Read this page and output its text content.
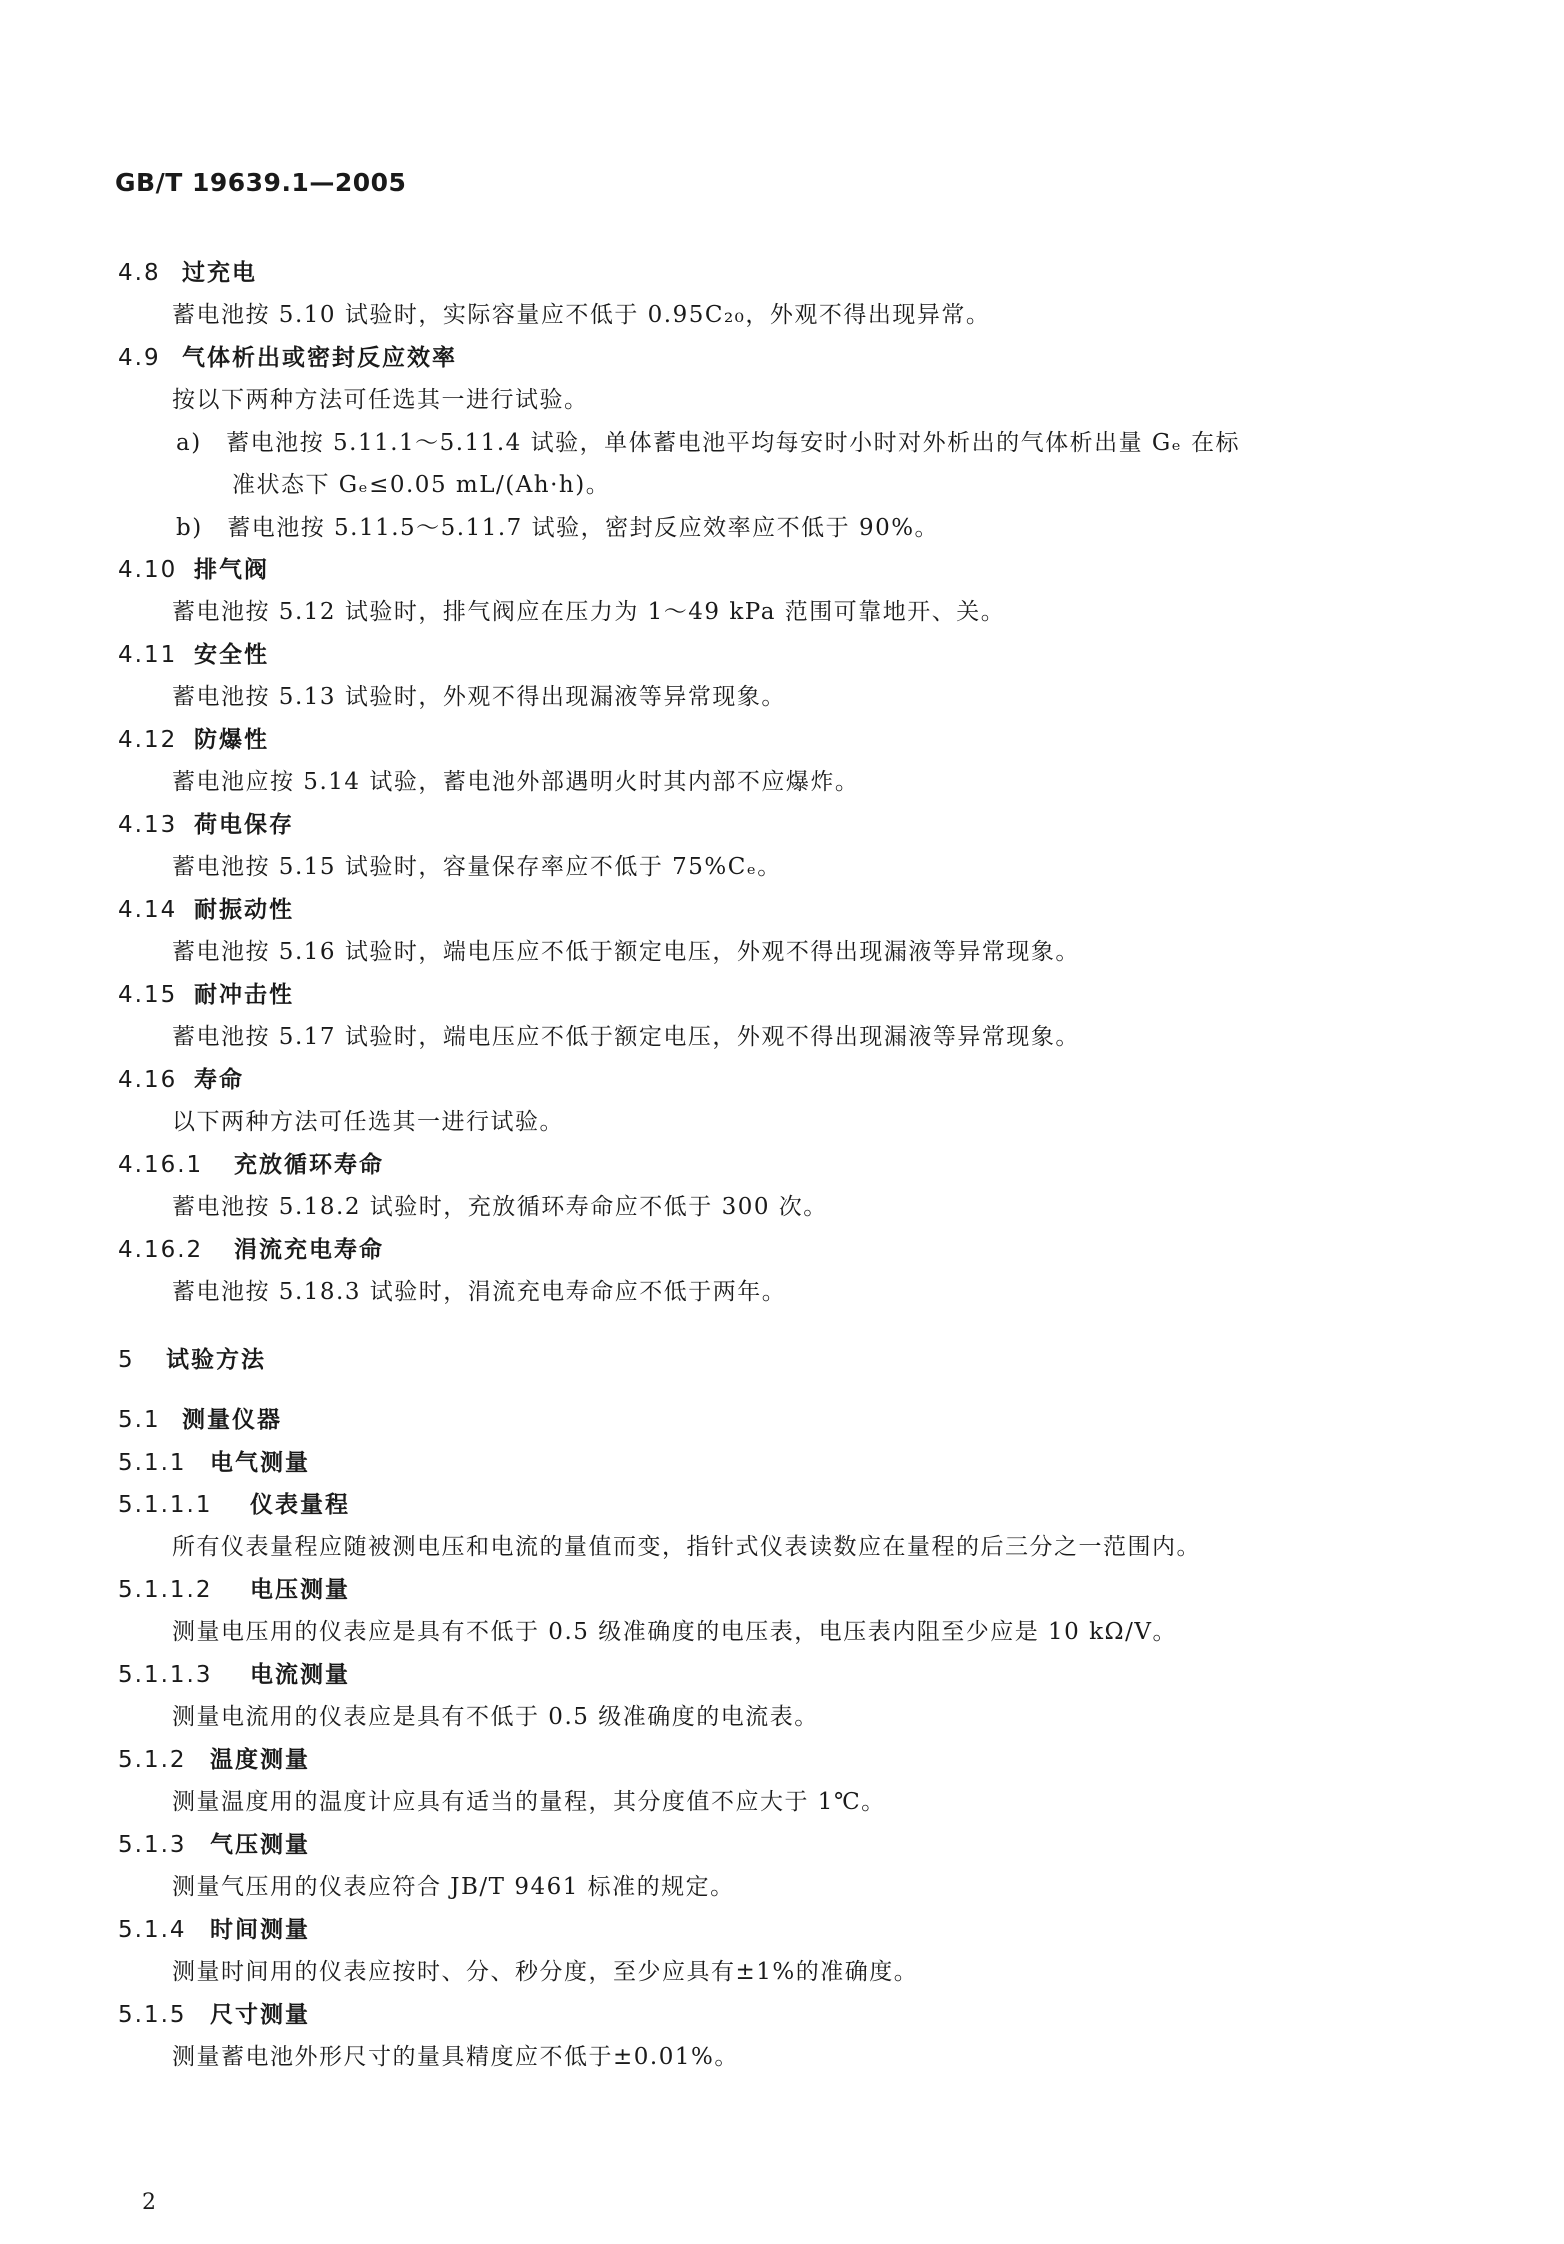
GB/T 19639.1—2005
4.8 过充电
蓄电池按 5.10 试验时，实际容量应不低于 0.95C₂₀，外观不得出现异常。
4.9 气体析出或密封反应效率
按以下两种方法可任选其一进行试验。
a)　蓄电池按 5.11.1～5.11.4 试验，单体蓄电池平均每安时小时对外析出的气体析出量 Gₑ 在标
准状态下 Gₑ≤0.05 mL/(Ah·h)。
b)　蓄电池按 5.11.5～5.11.7 试验，密封反应效率应不低于 90%。
4.10 排气阀
蓄电池按 5.12 试验时，排气阀应在压力为 1～49 kPa 范围可靠地开、关。
4.11 安全性
蓄电池按 5.13 试验时，外观不得出现漏液等异常现象。
4.12 防爆性
蓄电池应按 5.14 试验，蓄电池外部遇明火时其内部不应爆炸。
4.13 荷电保存
蓄电池按 5.15 试验时，容量保存率应不低于 75%Cₑ。
4.14 耐振动性
蓄电池按 5.16 试验时，端电压应不低于额定电压，外观不得出现漏液等异常现象。
4.15 耐冲击性
蓄电池按 5.17 试验时，端电压应不低于额定电压，外观不得出现漏液等异常现象。
4.16 寿命
以下两种方法可任选其一进行试验。
4.16.1 充放循环寿命
蓄电池按 5.18.2 试验时，充放循环寿命应不低于 300 次。
4.16.2 涓流充电寿命
蓄电池按 5.18.3 试验时，涓流充电寿命应不低于两年。
5 试验方法
5.1 测量仪器
5.1.1 电气测量
5.1.1.1 仪表量程
所有仪表量程应随被测电压和电流的量值而变，指针式仪表读数应在量程的后三分之一范围内。
5.1.1.2 电压测量
测量电压用的仪表应是具有不低于 0.5 级准确度的电压表，电压表内阻至少应是 10 kΩ/V。
5.1.1.3 电流测量
测量电流用的仪表应是具有不低于 0.5 级准确度的电流表。
5.1.2 温度测量
测量温度用的温度计应具有适当的量程，其分度值不应大于 1℃。
5.1.3 气压测量
测量气压用的仪表应符合 JB/T 9461 标准的规定。
5.1.4 时间测量
测量时间用的仪表应按时、分、秒分度，至少应具有±1%的准确度。
5.1.5 尺寸测量
测量蓄电池外形尺寸的量具精度应不低于±0.01%。
2
